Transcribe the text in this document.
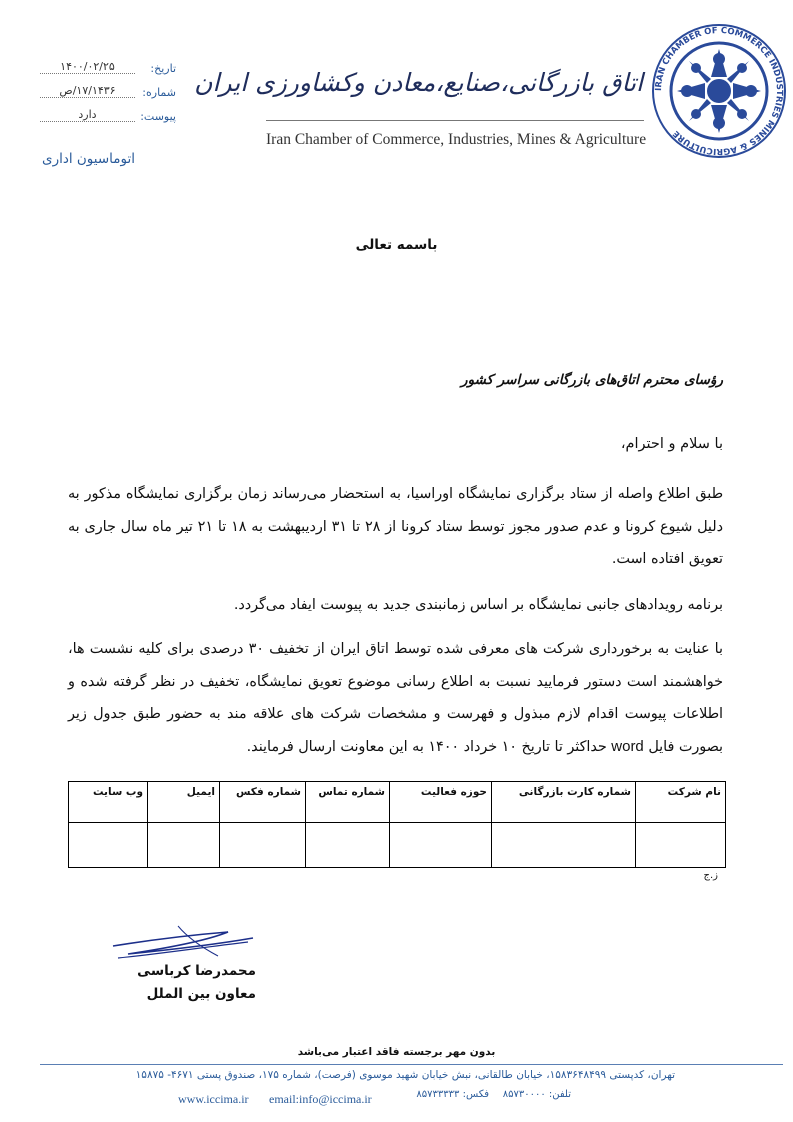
IRAN CHAMBER OF COMMERCE INDUSTRIES MINES & AGRICULTURE
اتاق بازرگانی،صنایع،معادن وکشاورزی ایران
Iran Chamber of Commerce, Industries, Mines & Agriculture
تاریخ:
۱۴۰۰/۰۲/۲۵
شماره:
۱۷/۱۴۳۶/ص
پیوست:
دارد
اتوماسیون اداری
باسمه تعالی
رؤسای محترم اتاق‌های بازرگانی سراسر کشور
با سلام و احترام،
طبق اطلاع واصله از ستاد برگزاری نمایشگاه اوراسیا، به استحضار می‌رساند زمان برگزاری نمایشگاه مذکور به دلیل شیوع کرونا و عدم صدور مجوز توسط ستاد کرونا از ۲۸ تا ۳۱ اردیبهشت به ۱۸ تا ۲۱ تیر ماه سال جاری به تعویق افتاده است.
برنامه رویدادهای جانبی نمایشگاه بر اساس زمانبندی جدید به پیوست ایفاد می‌گردد.
با عنایت به برخورداری شرکت های معرفی شده توسط اتاق ایران از تخفیف ۳۰ درصدی برای کلیه نشست ها، خواهشمند است دستور فرمایید نسبت به اطلاع رسانی موضوع تعویق نمایشگاه، تخفیف در نظر گرفته شده و اطلاعات پیوست اقدام لازم مبذول و فهرست و مشخصات شرکت های علاقه مند به حضور طبق جدول زیر بصورت فایل word حداکثر تا تاریخ ۱۰ خرداد ۱۴۰۰ به این معاونت ارسال فرمایند.
نام شرکت	شماره کارت بازرگانی	حوزه فعالیت	شماره تماس	شماره فکس	ایمیل	وب سایت

ز.ج
محمدرضا کرباسی
معاون بین الملل
بدون مهر برجسته فاقد اعتبار می‌باشد
تهران، کدپستی ۱۵۸۳۶۴۸۴۹۹، خیابان طالقانی، نبش خیابان شهید موسوی (فرصت)، شماره ۱۷۵، صندوق پستی ۴۶۷۱- ۱۵۸۷۵
تلفن: ۸۵۷۳۰۰۰۰
فکس: ۸۵۷۳۳۳۳۳
email:info@iccima.ir
www.iccima.ir
